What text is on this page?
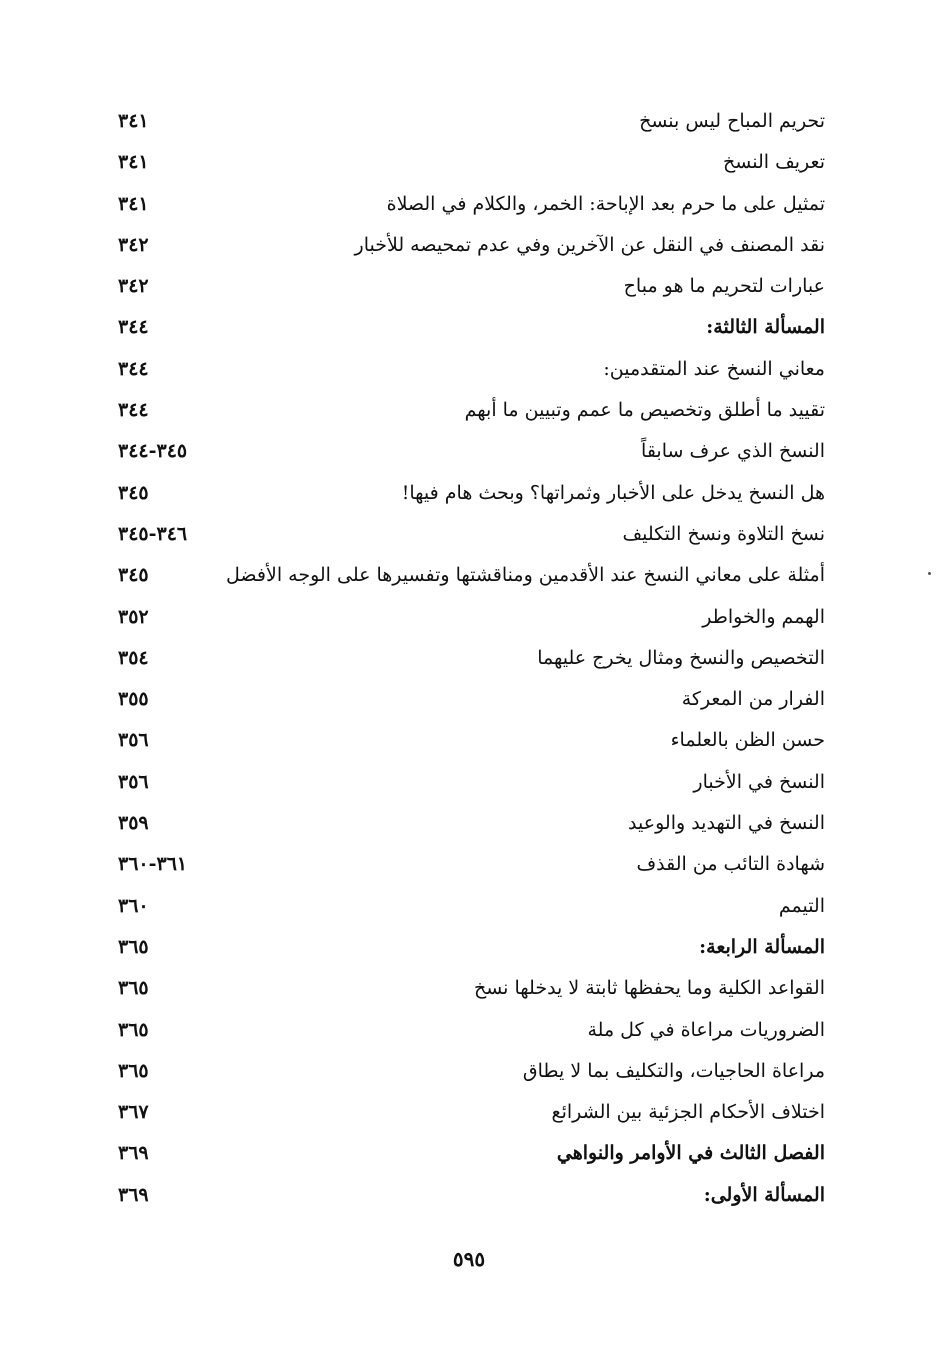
تحريم المباح ليس بنسخ
٣٤١
تعريف النسخ
٣٤١
تمثيل على ما حرم بعد الإباحة: الخمر، والكلام في الصلاة
٣٤١
نقد المصنف في النقل عن الآخرين وفي عدم تمحيصه للأخبار
٣٤٢
عبارات لتحريم ما هو مباح
٣٤٢
المسألة الثالثة:
٣٤٤
معاني النسخ عند المتقدمين:
٣٤٤
تقييد ما أطلق وتخصيص ما عمم وتبيين ما أبهم
٣٤٤
النسخ الذي عرف سابقاً
٣٤٥-٣٤٤
هل النسخ يدخل على الأخبار وثمراتها؟ وبحث هام فيها!
٣٤٥
نسخ التلاوة ونسخ التكليف
٣٤٦-٣٤٥
أمثلة على معاني النسخ عند الأقدمين ومناقشتها وتفسيرها على الوجه الأفضل
٣٤٥
الهمم والخواطر
٣٥٢
التخصيص والنسخ ومثال يخرج عليهما
٣٥٤
الفرار من المعركة
٣٥٥
حسن الظن بالعلماء
٣٥٦
النسخ في الأخبار
٣٥٦
النسخ في التهديد والوعيد
٣٥٩
شهادة التائب من القذف
٣٦١-٣٦٠
التيمم
٣٦٠
المسألة الرابعة:
٣٦٥
القواعد الكلية وما يحفظها ثابتة لا يدخلها نسخ
٣٦٥
الضروريات مراعاة في كل ملة
٣٦٥
مراعاة الحاجيات، والتكليف بما لا يطاق
٣٦٥
اختلاف الأحكام الجزئية بين الشرائع
٣٦٧
الفصل الثالث في الأوامر والنواهي
٣٦٩
المسألة الأولى:
٣٦٩
٥٩٥
